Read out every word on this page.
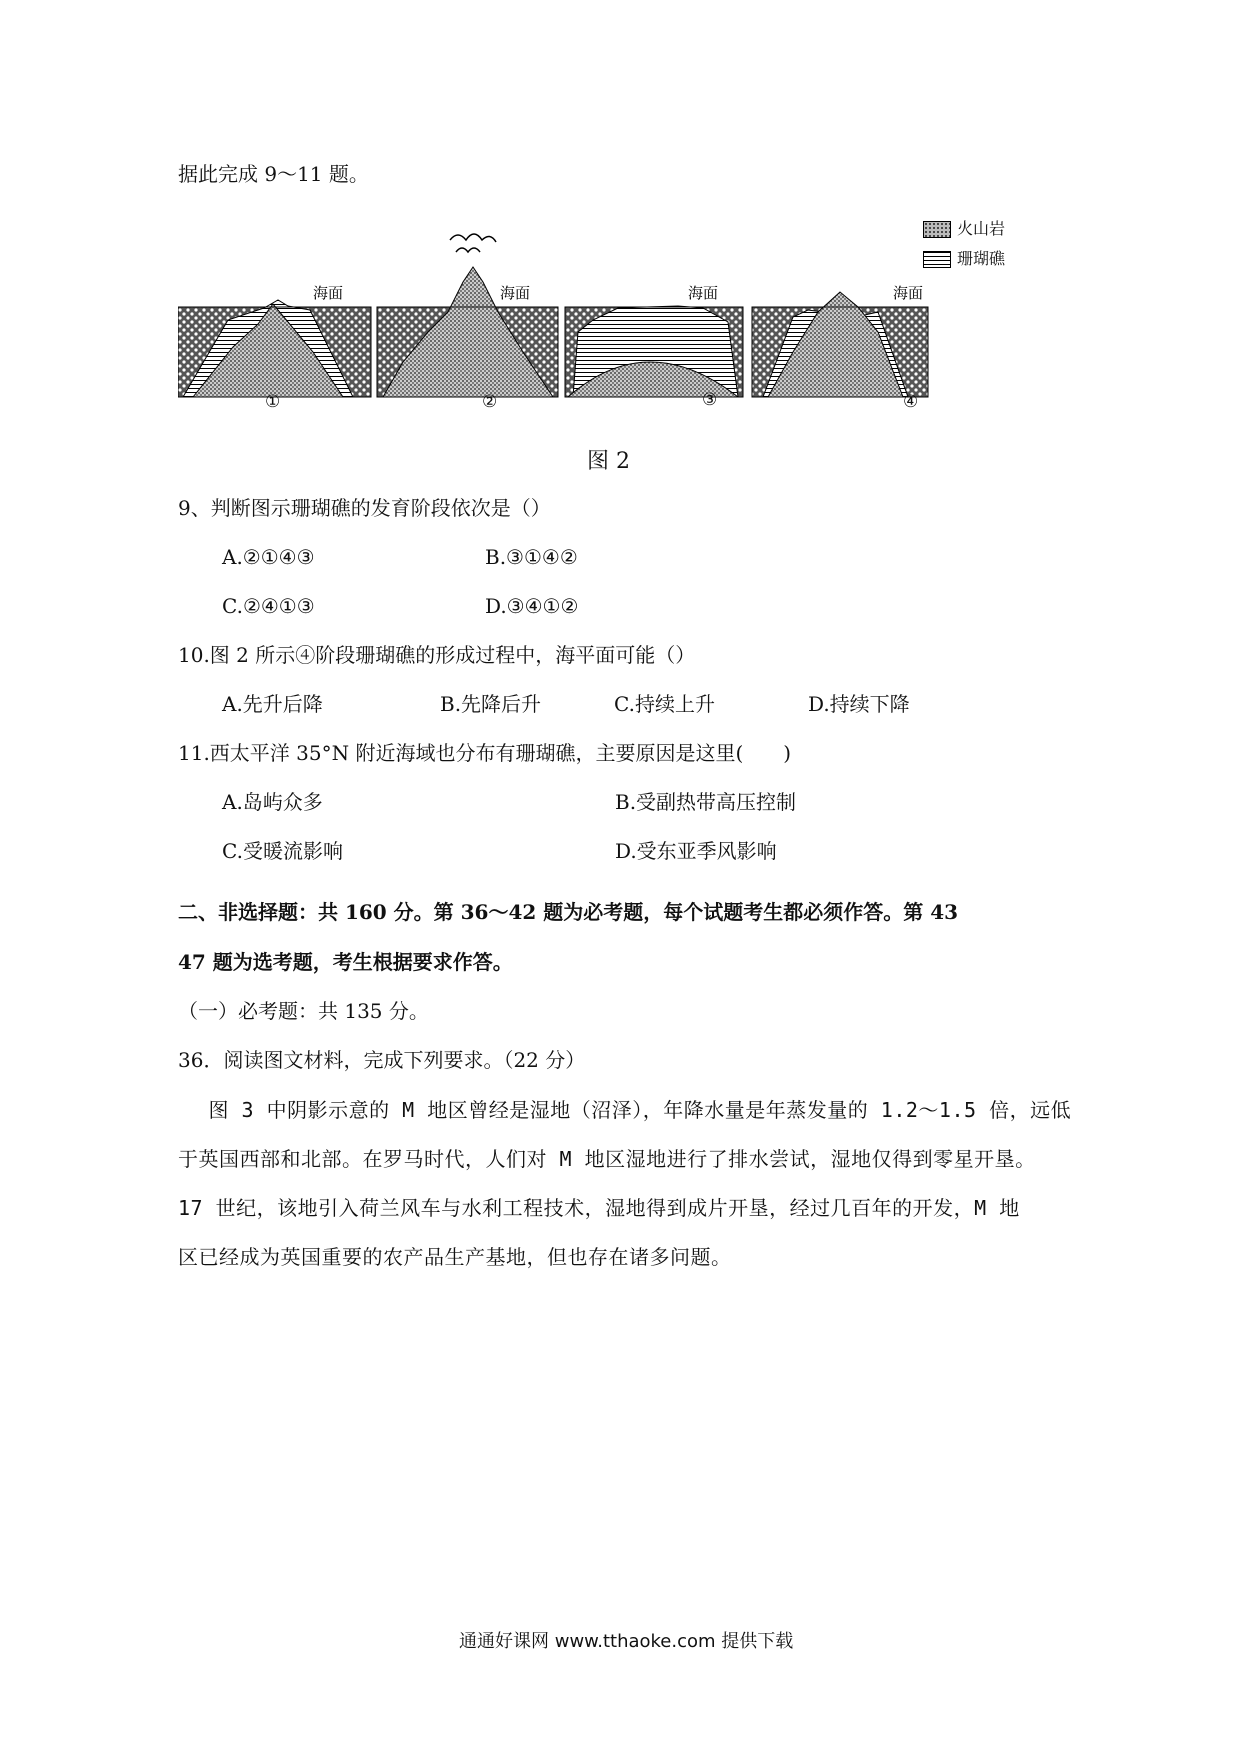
据此完成 9～11 题。
火山岩
珊瑚礁
海面	海面	海面	海面
①	②	③	④
图 2
9、判断图示珊瑚礁的发育阶段依次是（）
A.②①④③	B.③①④②
C.②④①③	D.③④①②
10.图 2 所示④阶段珊瑚礁的形成过程中，海平面可能（）
A.先升后降	B.先降后升	C.持续上升	D.持续下降
11.西太平洋 35°N 附近海域也分布有珊瑚礁，主要原因是这里(　　)
A.岛屿众多	B.受副热带高压控制
C.受暖流影响	D.受东亚季风影响
二、非选择题：共 160 分。第 36～42 题为必考题，每个试题考生都必须作答。第 43
47 题为选考题，考生根据要求作答。
（一）必考题：共 135 分。
36．阅读图文材料，完成下列要求。（22 分）
　图 3 中阴影示意的 M 地区曾经是湿地（沼泽），年降水量是年蒸发量的 1.2～1.5 倍，远低
于英国西部和北部。在罗马时代，人们对 M 地区湿地进行了排水尝试，湿地仅得到零星开垦。
17 世纪，该地引入荷兰风车与水利工程技术，湿地得到成片开垦，经过几百年的开发，M 地
区已经成为英国重要的农产品生产基地，但也存在诸多问题。
通通好课网 www.tthaoke.com 提供下载
